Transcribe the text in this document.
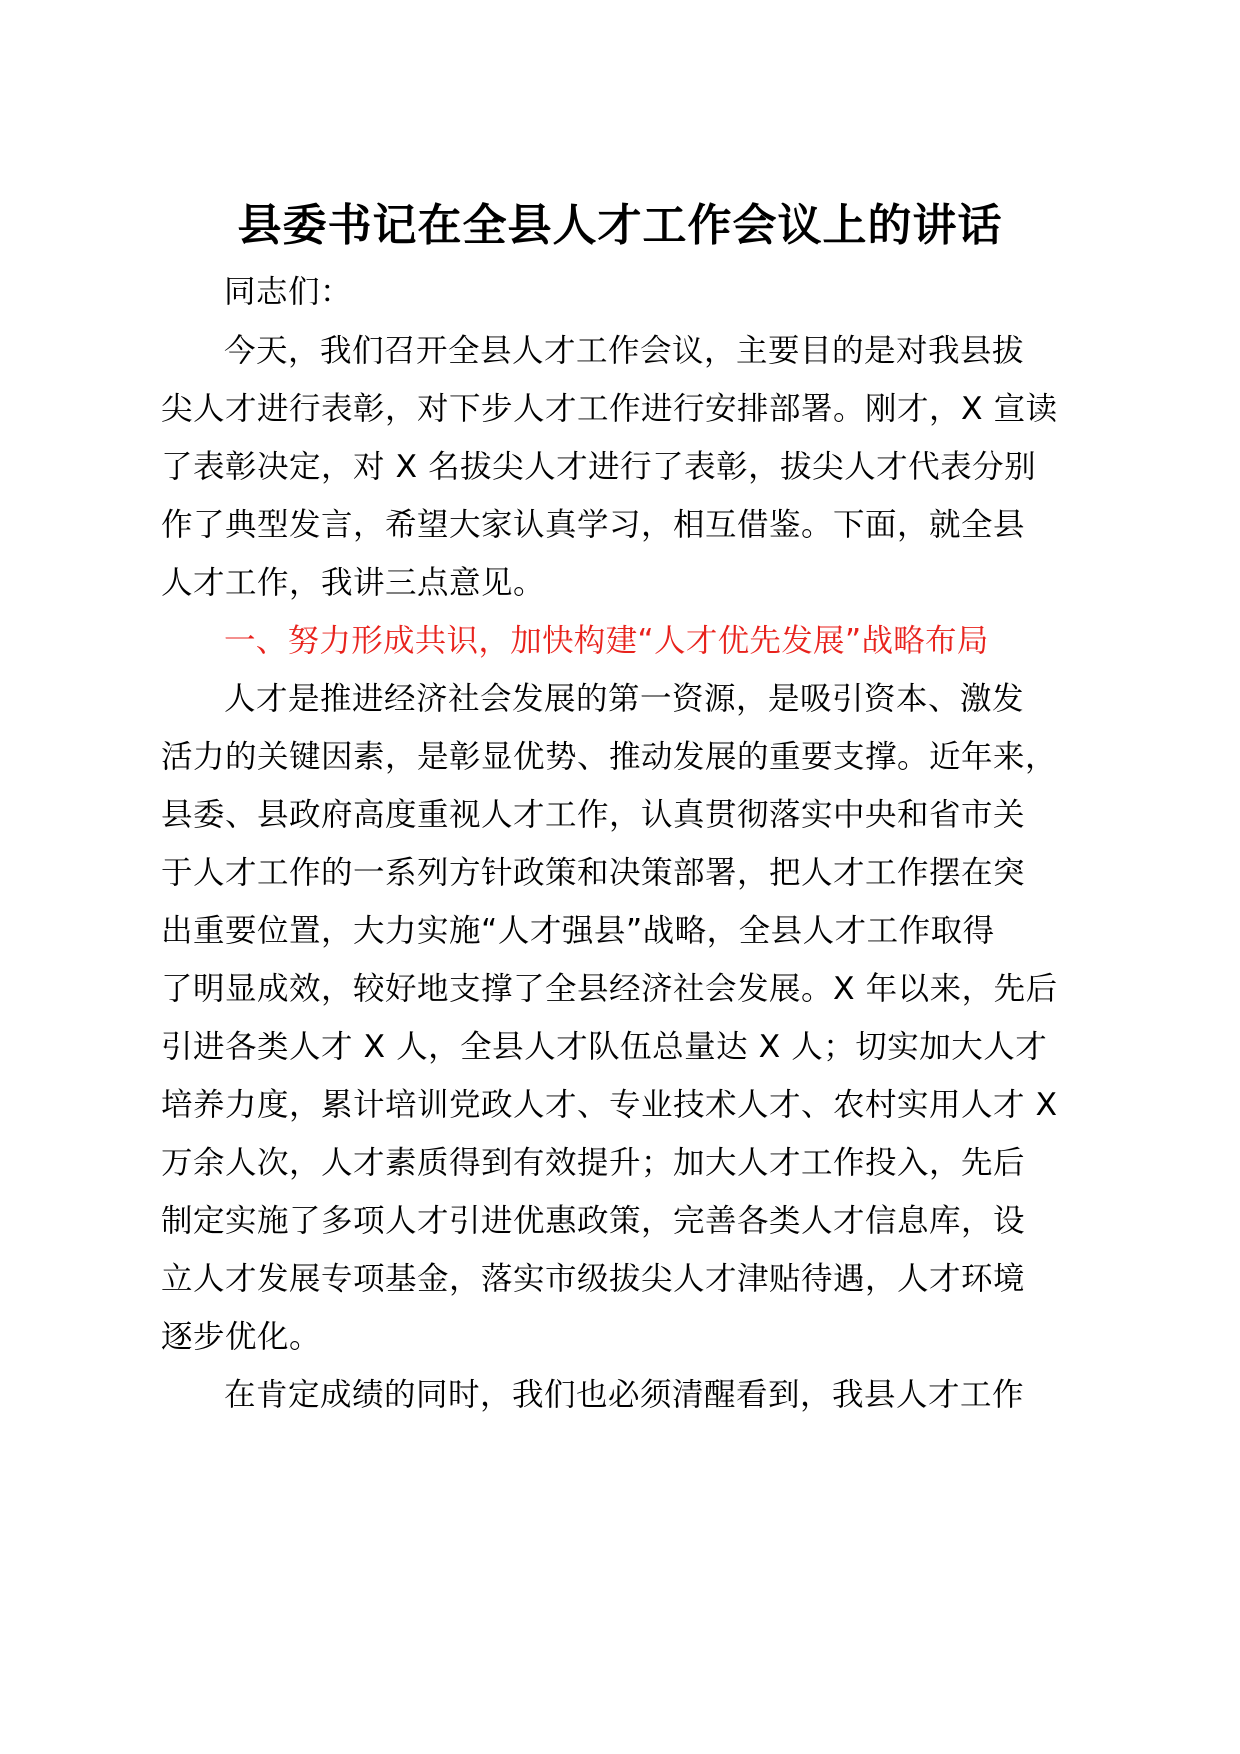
县委书记在全县人才工作会议上的讲话
同志们：
今天，我们召开全县人才工作会议，主要目的是对我县拔
尖人才进行表彰，对下步人才工作进行安排部署。刚才，X 宣读
了表彰决定，对 X 名拔尖人才进行了表彰，拔尖人才代表分别
作了典型发言，希望大家认真学习，相互借鉴。下面，就全县
人才工作，我讲三点意见。
一、努力形成共识，加快构建“人才优先发展”战略布局
人才是推进经济社会发展的第一资源，是吸引资本、激发
活力的关键因素，是彰显优势、推动发展的重要支撑。近年来，
县委、县政府高度重视人才工作，认真贯彻落实中央和省市关
于人才工作的一系列方针政策和决策部署，把人才工作摆在突
出重要位置，大力实施“人才强县”战略，全县人才工作取得
了明显成效，较好地支撑了全县经济社会发展。X 年以来，先后
引进各类人才 X 人，全县人才队伍总量达 X 人；切实加大人才
培养力度，累计培训党政人才、专业技术人才、农村实用人才 X
万余人次，人才素质得到有效提升；加大人才工作投入，先后
制定实施了多项人才引进优惠政策，完善各类人才信息库，设
立人才发展专项基金，落实市级拔尖人才津贴待遇，人才环境
逐步优化。
在肯定成绩的同时，我们也必须清醒看到，我县人才工作
